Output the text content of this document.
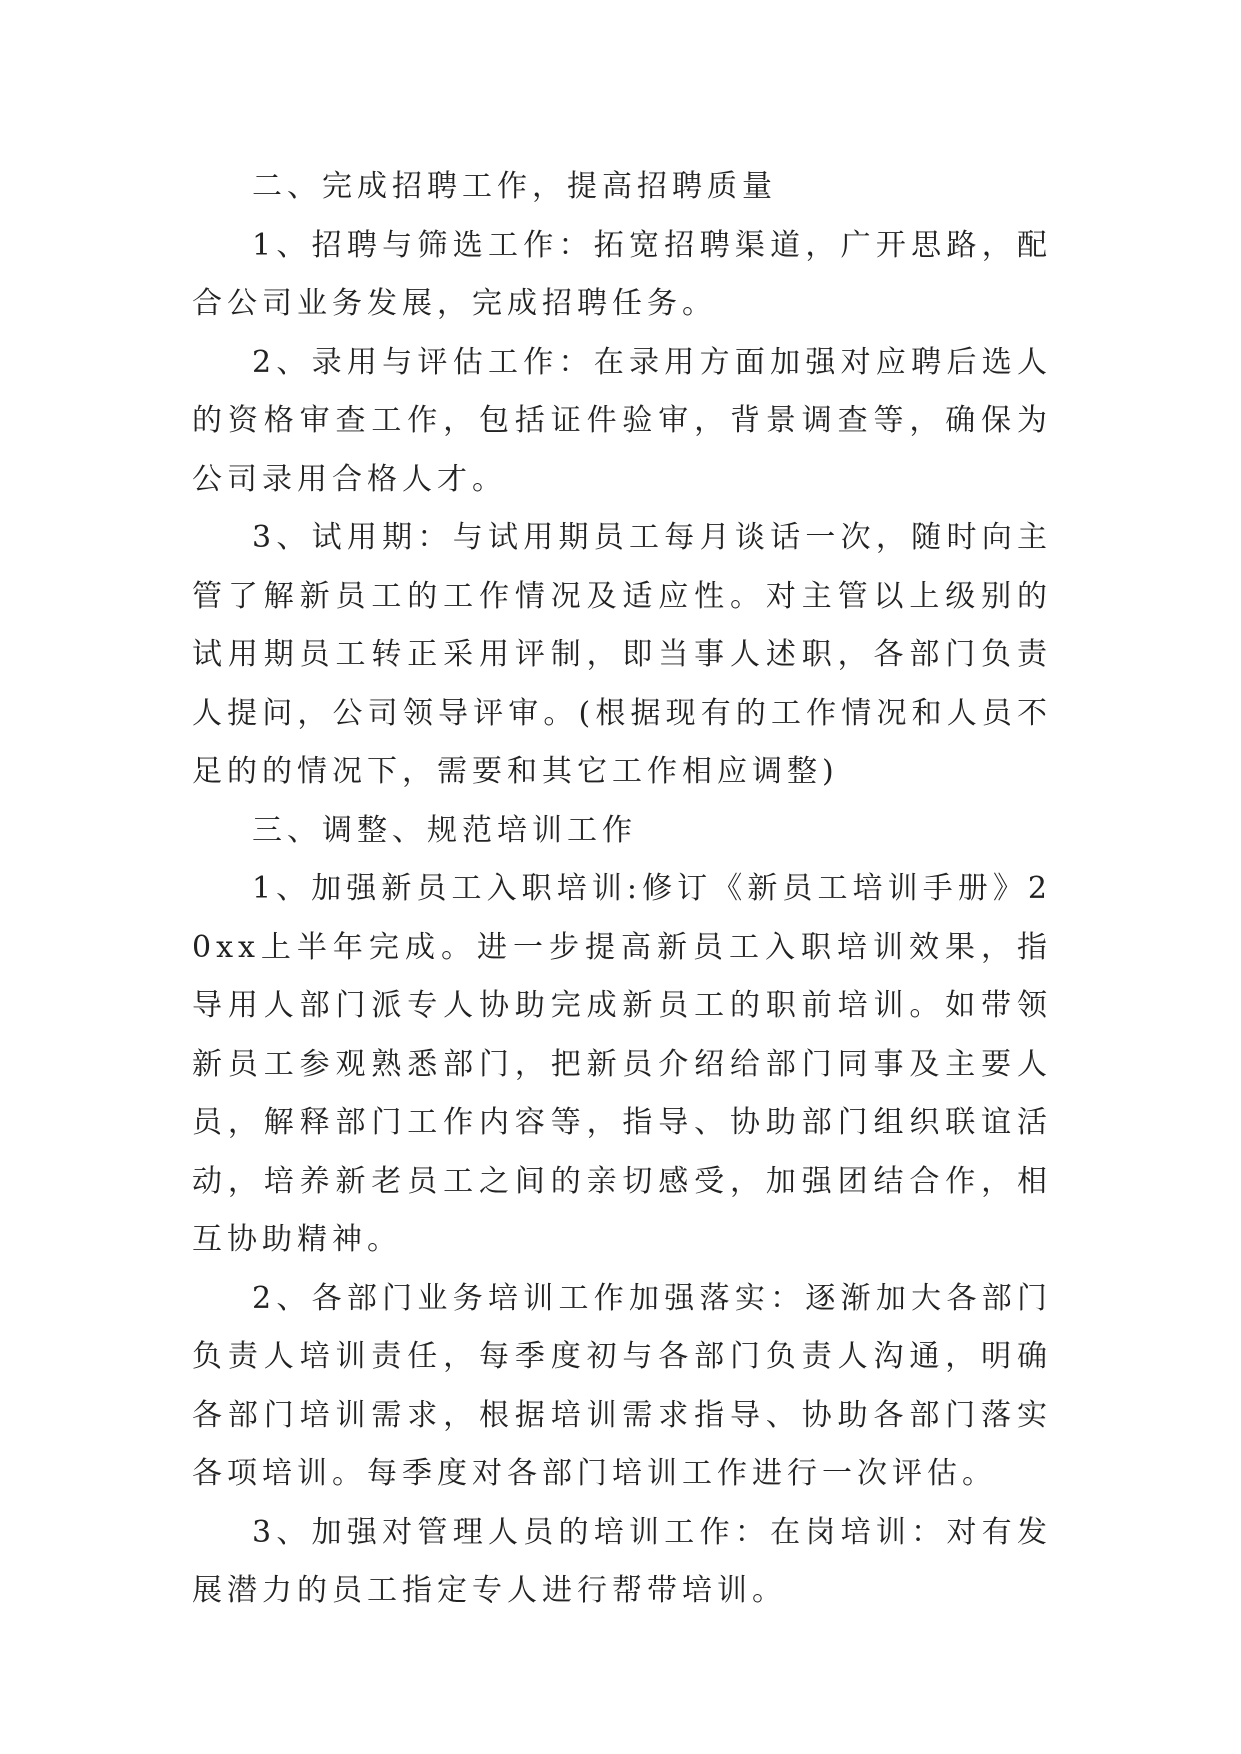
二、完成招聘工作，提高招聘质量

1、招聘与筛选工作：拓宽招聘渠道，广开思路，配合公司业务发展，完成招聘任务。

2、录用与评估工作：在录用方面加强对应聘后选人的资格审查工作，包括证件验审，背景调查等，确保为公司录用合格人才。

3、试用期：与试用期员工每月谈话一次，随时向主管了解新员工的工作情况及适应性。对主管以上级别的试用期员工转正采用评制，即当事人述职，各部门负责人提问，公司领导评审。(根据现有的工作情况和人员不足的的情况下，需要和其它工作相应调整)

三、调整、规范培训工作

1、加强新员工入职培训:修订《新员工培训手册》20xx上半年完成。进一步提高新员工入职培训效果，指导用人部门派专人协助完成新员工的职前培训。如带领新员工参观熟悉部门，把新员介绍给部门同事及主要人员，解释部门工作内容等，指导、协助部门组织联谊活动，培养新老员工之间的亲切感受，加强团结合作，相互协助精神。

2、各部门业务培训工作加强落实：逐渐加大各部门负责人培训责任，每季度初与各部门负责人沟通，明确各部门培训需求，根据培训需求指导、协助各部门落实各项培训。每季度对各部门培训工作进行一次评估。

3、加强对管理人员的培训工作：在岗培训：对有发展潜力的员工指定专人进行帮带培训。
